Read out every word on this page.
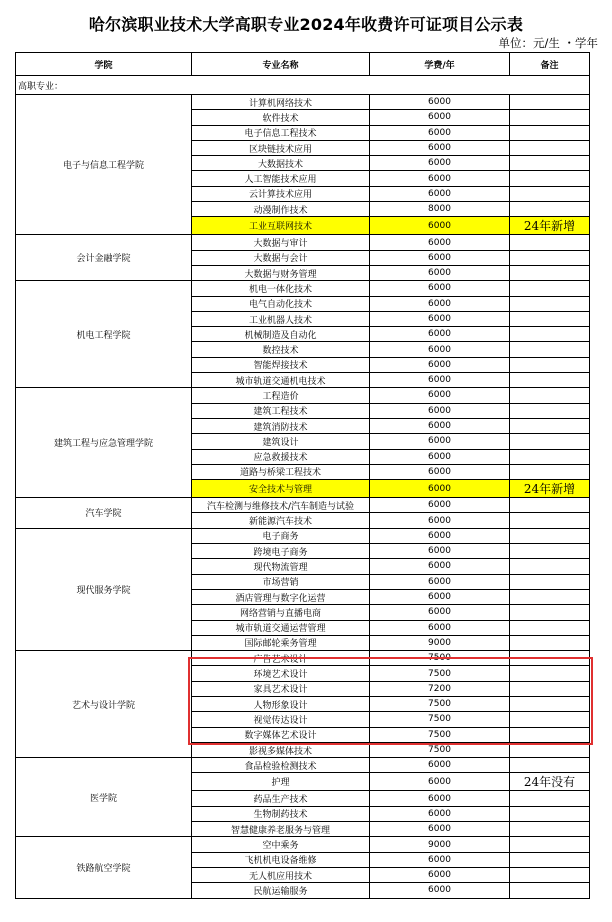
哈尔滨职业技术大学高职专业2024年收费许可证项目公示表
单位：元/生 ・学年
学院	专业名称	学费/年	备注
高职专业：			
电子与信息工程学院	计算机网络技术	6000	
	软件技术	6000	
	电子信息工程技术	6000	
	区块链技术应用	6000	
	大数据技术	6000	
	人工智能技术应用	6000	
	云计算技术应用	6000	
	动漫制作技术	8000	
	工业互联网技术	6000	24年新增
会计金融学院	大数据与审计	6000	
	大数据与会计	6000	
	大数据与财务管理	6000	
机电工程学院	机电一体化技术	6000	
	电气自动化技术	6000	
	工业机器人技术	6000	
	机械制造及自动化	6000	
	数控技术	6000	
	智能焊接技术	6000	
	城市轨道交通机电技术	6000	
建筑工程与应急管理学院	工程造价	6000	
	建筑工程技术	6000	
	建筑消防技术	6000	
	建筑设计	6000	
	应急救援技术	6000	
	道路与桥梁工程技术	6000	
	安全技术与管理	6000	24年新增
汽车学院	汽车检测与维修技术/汽车制造与试验	6000	
	新能源汽车技术	6000	
现代服务学院	电子商务	6000	
	跨境电子商务	6000	
	现代物流管理	6000	
	市场营销	6000	
	酒店管理与数字化运营	6000	
	网络营销与直播电商	6000	
	城市轨道交通运营管理	6000	
	国际邮轮乘务管理	9000	
艺术与设计学院	广告艺术设计	7500	
	环境艺术设计	7500	
	家具艺术设计	7200	
	人物形象设计	7500	
	视觉传达设计	7500	
	数字媒体艺术设计	7500	
	影视多媒体技术	7500	
医学院	食品检验检测技术	6000	
	护理	6000	24年没有
	药品生产技术	6000	
	生物制药技术	6000	
	智慧健康养老服务与管理	6000	
铁路航空学院	空中乘务	9000	
	飞机机电设备维修	6000	
	无人机应用技术	6000	
	民航运输服务	6000	
